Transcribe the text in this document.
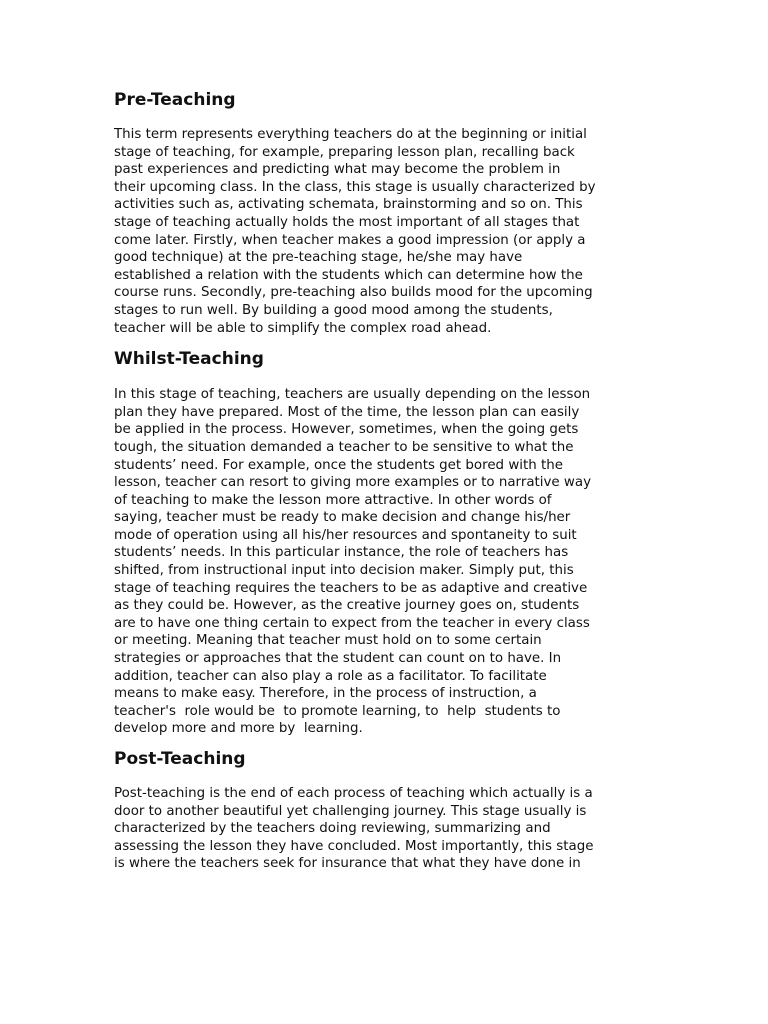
Pre-Teaching

This term represents everything teachers do at the beginning or initial
stage of teaching, for example, preparing lesson plan, recalling back
past experiences and predicting what may become the problem in
their upcoming class. In the class, this stage is usually characterized by
activities such as, activating schemata, brainstorming and so on. This
stage of teaching actually holds the most important of all stages that
come later. Firstly, when teacher makes a good impression (or apply a
good technique) at the pre-teaching stage, he/she may have
established a relation with the students which can determine how the
course runs. Secondly, pre-teaching also builds mood for the upcoming
stages to run well. By building a good mood among the students,
teacher will be able to simplify the complex road ahead.

Whilst-Teaching

In this stage of teaching, teachers are usually depending on the lesson
plan they have prepared. Most of the time, the lesson plan can easily
be applied in the process. However, sometimes, when the going gets
tough, the situation demanded a teacher to be sensitive to what the
students’ need. For example, once the students get bored with the
lesson, teacher can resort to giving more examples or to narrative way
of teaching to make the lesson more attractive. In other words of
saying, teacher must be ready to make decision and change his/her
mode of operation using all his/her resources and spontaneity to suit
students’ needs. In this particular instance, the role of teachers has
shifted, from instructional input into decision maker. Simply put, this
stage of teaching requires the teachers to be as adaptive and creative
as they could be. However, as the creative journey goes on, students
are to have one thing certain to expect from the teacher in every class
or meeting. Meaning that teacher must hold on to some certain
strategies or approaches that the student can count on to have. In
addition, teacher can also play a role as a facilitator. To facilitate
means to make easy. Therefore, in the process of instruction, a
teacher's  role would be  to promote learning, to  help  students to
develop more and more by  learning.

Post-Teaching

Post-teaching is the end of each process of teaching which actually is a
door to another beautiful yet challenging journey. This stage usually is
characterized by the teachers doing reviewing, summarizing and
assessing the lesson they have concluded. Most importantly, this stage
is where the teachers seek for insurance that what they have done in
